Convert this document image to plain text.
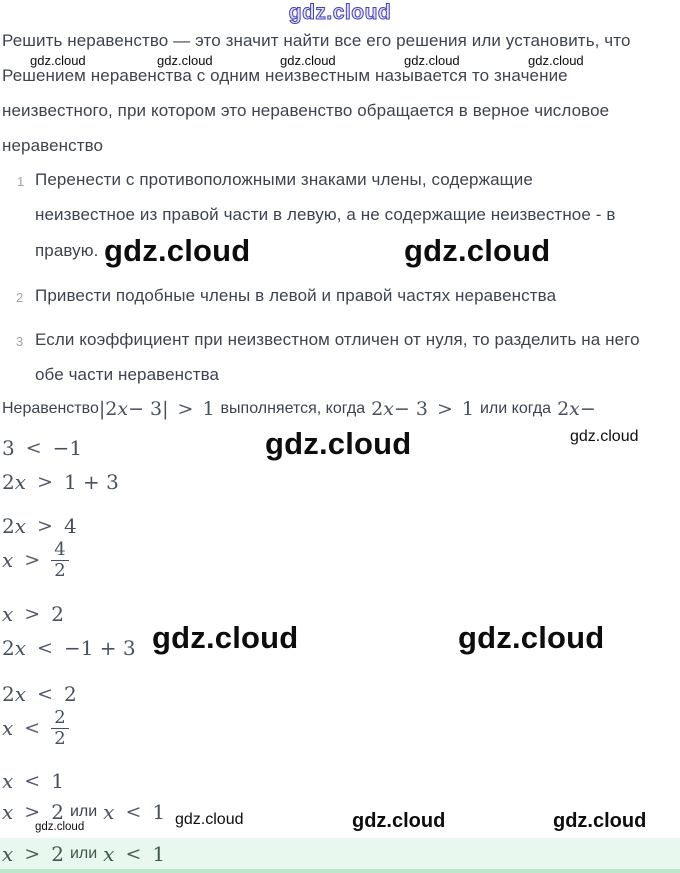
gdz.cloud
Решить неравенство — это значит найти все его решения или установить, что
gdz.cloud	gdz.cloud	gdz.cloud	gdz.cloud	gdz.cloud
Решением неравенства с одним неизвестным называется то значение
неизвестного, при котором это неравенство обращается в верное числовое
неравенство
1 Перенести с противоположными знаками члены, содержащие
неизвестное из правой части в левую, а не содержащие неизвестное - в
правую. gdz.cloud	gdz.cloud
2 Привести подобные члены в левой и правой частях неравенства
3 Если коэффициент при неизвестном отличен от нуля, то разделить на него
обе части неравенства
Неравенство |2 x − 3| > 1 выполняется, когда 2 x − 3 > 1 или когда 2 x −
3 < −1	gdz.cloud	gdz.cloud
2 x > 1 + 3
2 x > 4
$x > \frac{4}{2}$
x > 2
2 x < −1 + 3 gdz.cloud	gdz.cloud
2 x < 2
$x < \frac{2}{2}$
x < 1
x > 2 или x < 1
gdz.cloud	gdz.cloud	gdz.cloud	gdz.cloud
x > 2 или x < 1
